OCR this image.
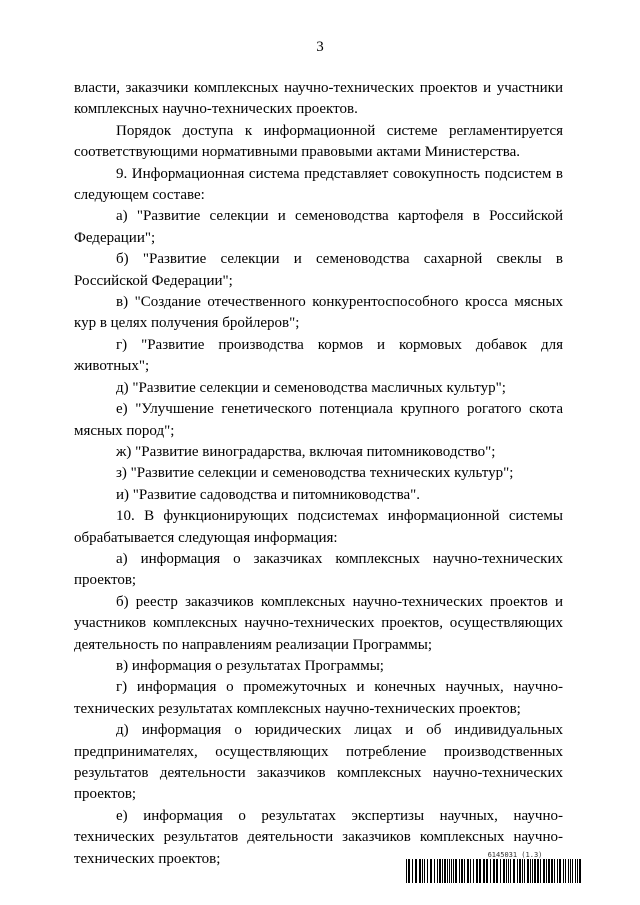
3

власти, заказчики комплексных научно-технических проектов и участники комплексных научно-технических проектов.

Порядок доступа к информационной системе регламентируется соответствующими нормативными правовыми актами Министерства.

9. Информационная система представляет совокупность подсистем в следующем составе:

а) "Развитие селекции и семеноводства картофеля в Российской Федерации";

б) "Развитие селекции и семеноводства сахарной свеклы в Российской Федерации";

в) "Создание отечественного конкурентоспособного кросса мясных кур в целях получения бройлеров";

г) "Развитие производства кормов и кормовых добавок для животных";

д) "Развитие селекции и семеноводства масличных культур";

е) "Улучшение генетического потенциала крупного рогатого скота мясных пород";

ж) "Развитие виноградарства, включая питомниководство";

з) "Развитие селекции и семеноводства технических культур";

и) "Развитие садоводства и питомниководства".

10. В функционирующих подсистемах информационной системы обрабатывается следующая информация:

а) информация о заказчиках комплексных научно-технических проектов;

б) реестр заказчиков комплексных научно-технических проектов и участников комплексных научно-технических проектов, осуществляющих деятельность по направлениям реализации Программы;

в) информация о результатах Программы;

г) информация о промежуточных и конечных научных, научно-технических результатах комплексных научно-технических проектов;

д) информация о юридических лицах и об индивидуальных предпринимателях, осуществляющих потребление производственных результатов деятельности заказчиков комплексных научно-технических проектов;

е) информация о результатах экспертизы научных, научно-технических результатов деятельности заказчиков комплексных научно-технических проектов;	6145031 (1.3)
